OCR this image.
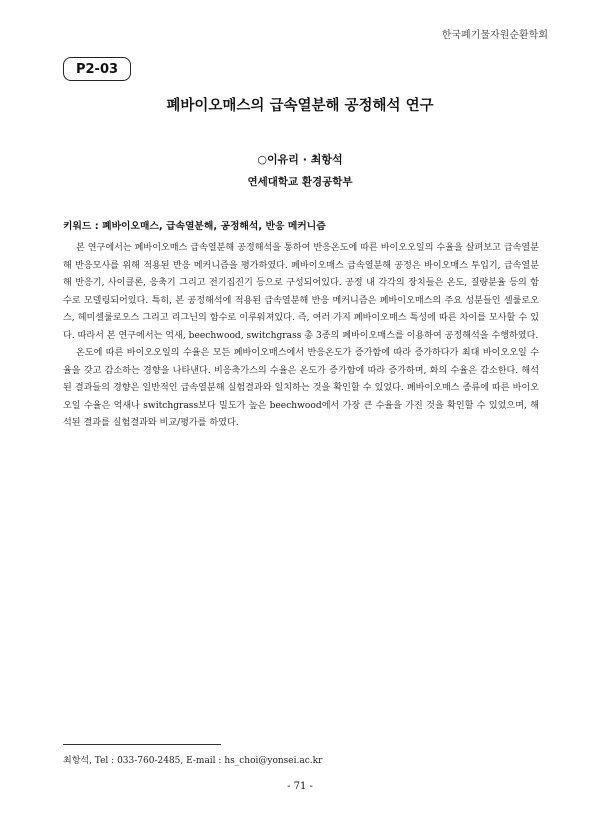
한국폐기물자원순환학회
P2-03
폐바이오매스의 급속열분해 공정해석 연구
○이유리 · 최항석
연세대학교 환경공학부
키워드 : 폐바이오매스, 급속열분해, 공정해석, 반응 메커니즘

본 연구에서는 폐바이오매스 급속열분해 공정해석을 통하여 반응온도에 따른 바이오오일의 수율을 살펴보고 급속열분해 반응모사를 위해 적용된 반응 메커니즘을 평가하였다. 폐바이오매스 급속열분해 공정은 바이오매스 투입기, 급속열분해 반응기, 사이클론, 응축기 그리고 전기집진기 등으로 구성되어있다. 공정 내 각각의 장치들은 온도, 질량분율 등의 함수로 모델링되어있다. 특히, 본 공정해석에 적용된 급속열분해 반응 메커니즘은 폐바이오매스의 주요 성분들인 셀룰로오스, 헤미셀룰로오스 그리고 리그닌의 함수로 이루워져있다. 즉, 여러 가지 폐바이오매스 특성에 따른 차이를 모사할 수 있다. 따라서 본 연구에서는 억새, beechwood, switchgrass 총 3종의 폐바이오매스를 이용하여 공정해석을 수행하였다.

온도에 따른 바이오오일의 수율은 모든 폐바이오매스에서 반응온도가 증가함에 따라 증가하다가 최대 바이오오일 수율을 갖고 감소하는 경향을 나타낸다. 비응축가스의 수율은 온도가 증가함에 따라 증가하며, 화의 수율은 감소한다. 해석된 결과들의 경향은 일반적인 급속열분해 실험결과와 일치하는 것을 확인할 수 있었다. 폐바이오매스 종류에 따른 바이오오일 수율은 억새나 switchgrass보다 밀도가 높은 beechwood에서 가장 큰 수율을 가진 것을 확인할 수 있었으며, 해석된 결과를 실험결과와 비교/평가를 하였다.

최항석, Tel : 033-760-2485, E-mail : hs_choi@yonsei.ac.kr
- 71 -
